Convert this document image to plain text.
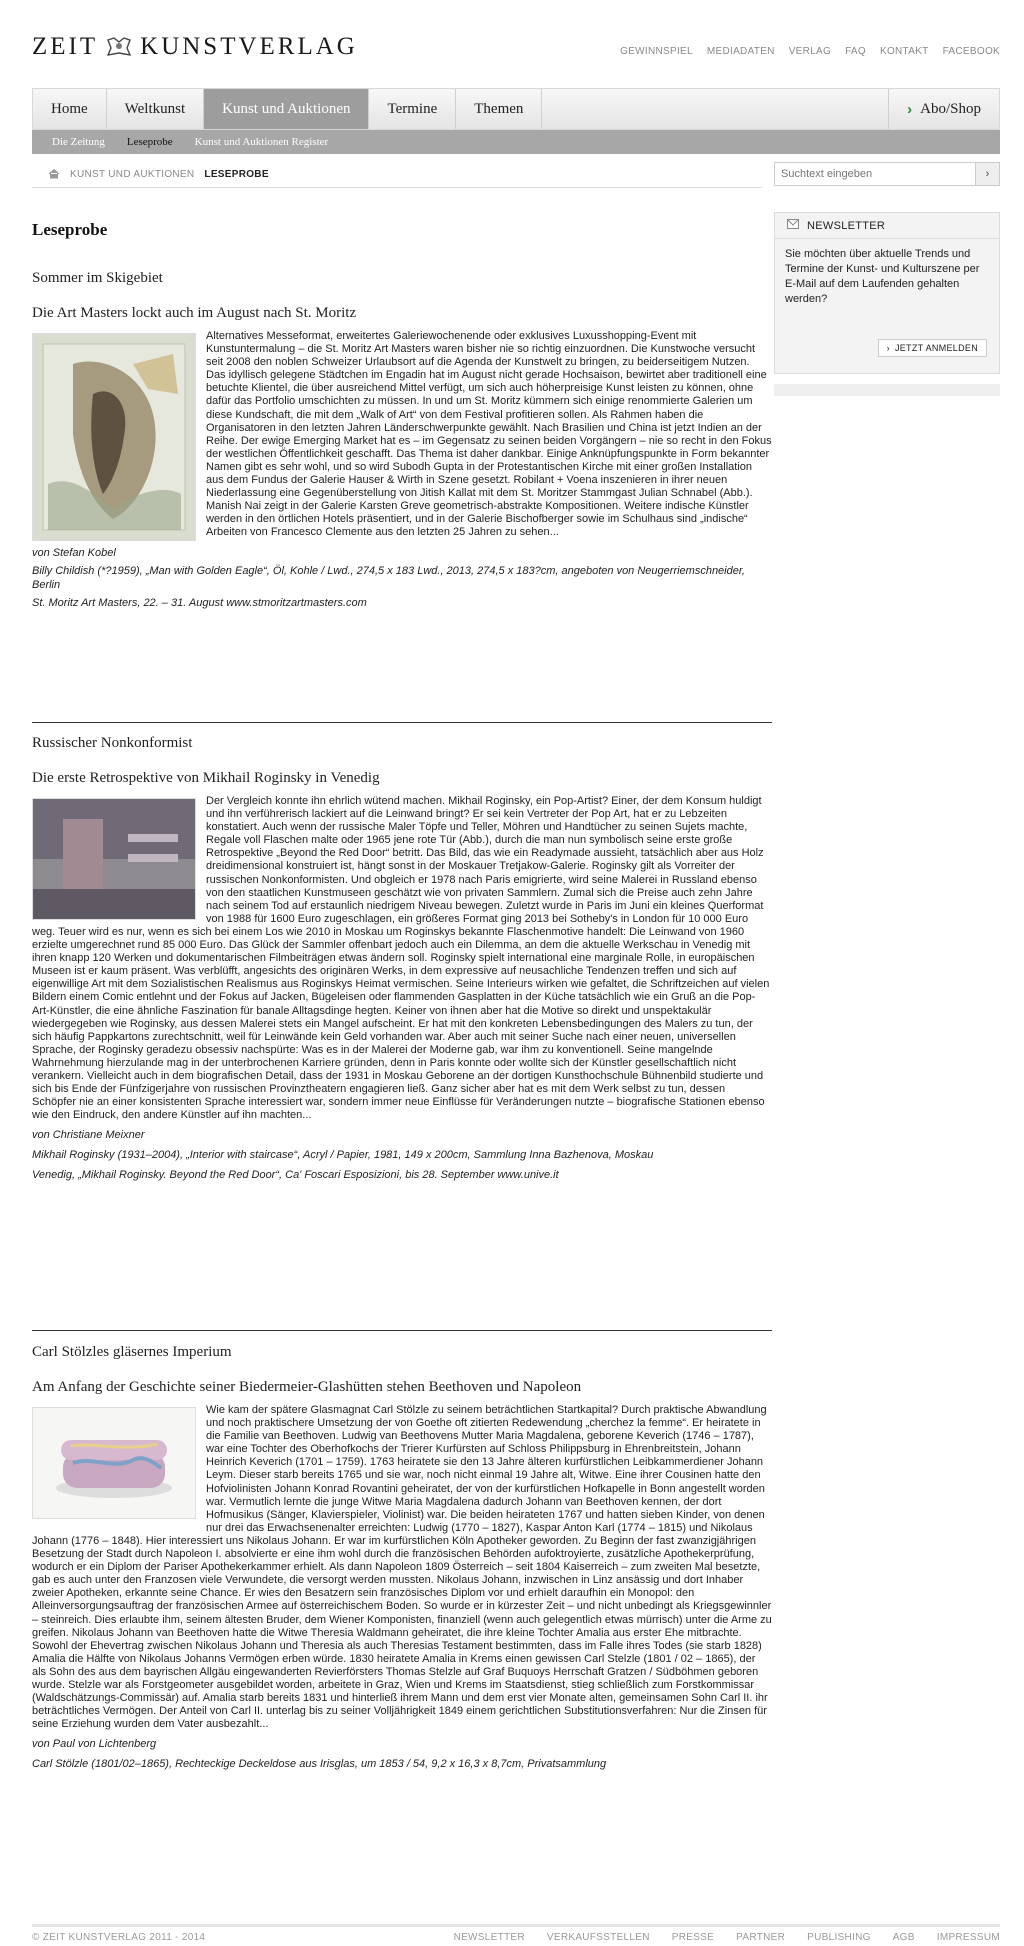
ZEIT KUNSTVERLAG	GEWINNSPIEL MEDIADATEN VERLAG FAQ KONTAKT FACEBOOK
Home	Weltkunst	Kunst und Auktionen	Termine	Themen	› Abo/Shop
Die Zeitung Leseprobe Kunst und Auktionen Register
KUNST UND AUKTIONEN LESEPROBE
Suchtext eingeben	›
Leseprobe
Sommer im Skigebiet
Die Art Masters lockt auch im August nach St. Moritz
Alternatives Messeformat, erweitertes Galeriewochenende oder exklusives Luxusshopping-Event mit Kunstuntermalung – die St. Moritz Art Masters waren bisher nie so richtig einzuordnen. Die Kunstwoche versucht seit 2008 den noblen Schweizer Urlaubsort auf die Agenda der Kunstwelt zu bringen, zu beiderseitigem Nutzen. Das idyllisch gelegene Städtchen im Engadin hat im August nicht gerade Hochsaison, bewirtet aber traditionell eine betuchte Klientel, die über ausreichend Mittel verfügt, um sich auch höherpreisige Kunst leisten zu können, ohne dafür das Portfolio umschichten zu müssen. In und um St. Moritz kümmern sich einige renommierte Galerien um diese Kundschaft, die mit dem „Walk of Art“ von dem Festival profitieren sollen. Als Rahmen haben die Organisatoren in den letzten Jahren Länderschwerpunkte gewählt. Nach Brasilien und China ist jetzt Indien an der Reihe. Der ewige Emerging Market hat es – im Gegensatz zu seinen beiden Vorgängern – nie so recht in den Fokus der westlichen Öffentlichkeit geschafft. Das Thema ist daher dankbar. Einige Anknüpfungspunkte in Form bekannter Namen gibt es sehr wohl, und so wird Subodh Gupta in der Protestantischen Kirche mit einer großen Installation aus dem Fundus der Galerie Hauser & Wirth in Szene gesetzt. Robilant + Voena inszenieren in ihrer neuen Niederlassung eine Gegenüberstellung von Jitish Kallat mit dem St. Moritzer Stammgast Julian Schnabel (Abb.). Manish Nai zeigt in der Galerie Karsten Greve geometrisch-abstrakte Kompositionen. Weitere indische Künstler werden in den örtlichen Hotels präsentiert, und in der Galerie Bischofberger sowie im Schulhaus sind „indische“ Arbeiten von Francesco Clemente aus den letzten 25 Jahren zu sehen...
von Stefan Kobel
Billy Childish (*?1959), „Man with Golden Eagle“, Öl, Kohle / Lwd., 274,5 x 183 Lwd., 2013, 274,5 x 183?cm, angeboten von Neugerriemschneider, Berlin
St. Moritz Art Masters, 22. – 31. August www.stmoritzartmasters.com
Russischer Nonkonformist
Die erste Retrospektive von Mikhail Roginsky in Venedig
Der Vergleich konnte ihn ehrlich wütend machen. Mikhail Roginsky, ein Pop-Artist? Einer, der dem Konsum huldigt und ihn verführerisch lackiert auf die Leinwand bringt? Er sei kein Vertreter der Pop Art, hat er zu Lebzeiten konstatiert. Auch wenn der russische Maler Töpfe und Teller, Möhren und Handtücher zu seinen Sujets machte, Regale voll Flaschen malte oder 1965 jene rote Tür (Abb.), durch die man nun symbolisch seine erste große Retrospektive „Beyond the Red Door“ betritt. Das Bild, das wie ein Readymade aussieht, tatsächlich aber aus Holz dreidimensional konstruiert ist, hängt sonst in der Moskauer Tretjakow-Galerie. Roginsky gilt als Vorreiter der russischen Nonkonformisten. Und obgleich er 1978 nach Paris emigrierte, wird seine Malerei in Russland ebenso von den staatlichen Kunstmuseen geschätzt wie von privaten Sammlern. Zumal sich die Preise auch zehn Jahre nach seinem Tod auf erstaunlich niedrigem Niveau bewegen. Zuletzt wurde in Paris im Juni ein kleines Querformat von 1988 für 1600 Euro zugeschlagen, ein größeres Format ging 2013 bei Sotheby's in London für 10 000 Euro weg. Teuer wird es nur, wenn es sich bei einem Los wie 2010 in Moskau um Roginskys bekannte Flaschenmotive handelt: Die Leinwand von 1960 erzielte umgerechnet rund 85 000 Euro. Das Glück der Sammler offenbart jedoch auch ein Dilemma, an dem die aktuelle Werkschau in Venedig mit ihren knapp 120 Werken und dokumentarischen Filmbeiträgen etwas ändern soll. Roginsky spielt international eine marginale Rolle, in europäischen Museen ist er kaum präsent. Was verblüfft, angesichts des originären Werks, in dem expressive auf neusachliche Tendenzen treffen und sich auf eigenwillige Art mit dem Sozialistischen Realismus aus Roginskys Heimat vermischen. Seine Interieurs wirken wie gefaltet, die Schriftzeichen auf vielen Bildern einem Comic entlehnt und der Fokus auf Jacken, Bügeleisen oder flammenden Gasplatten in der Küche tatsächlich wie ein Gruß an die Pop-Art-Künstler, die eine ähnliche Faszination für banale Alltagsdinge hegten. Keiner von ihnen aber hat die Motive so direkt und unspektakulär wiedergegeben wie Roginsky, aus dessen Malerei stets ein Mangel aufscheint. Er hat mit den konkreten Lebensbedingungen des Malers zu tun, der sich häufig Pappkartons zurechtschnitt, weil für Leinwände kein Geld vorhanden war. Aber auch mit seiner Suche nach einer neuen, universellen Sprache, der Roginsky geradezu obsessiv nachspürte: Was es in der Malerei der Moderne gab, war ihm zu konventionell. Seine mangelnde Wahrnehmung hierzulande mag in der unterbrochenen Karriere gründen, denn in Paris konnte oder wollte sich der Künstler gesellschaftlich nicht verankern. Vielleicht auch in dem biografischen Detail, dass der 1931 in Moskau Geborene an der dortigen Kunsthochschule Bühnenbild studierte und sich bis Ende der Fünfzigerjahre von russischen Provinztheatern engagieren ließ. Ganz sicher aber hat es mit dem Werk selbst zu tun, dessen Schöpfer nie an einer konsistenten Sprache interessiert war, sondern immer neue Einflüsse für Veränderungen nutzte – biografische Stationen ebenso wie den Eindruck, den andere Künstler auf ihn machten...
von Christiane Meixner
Mikhail Roginsky (1931–2004), „Interior with staircase“, Acryl / Papier, 1981, 149 x 200cm, Sammlung Inna Bazhenova, Moskau
Venedig, „Mikhail Roginsky. Beyond the Red Door“, Ca' Foscari Esposizioni, bis 28. September www.unive.it
Carl Stölzles gläsernes Imperium
Am Anfang der Geschichte seiner Biedermeier-Glashütten stehen Beethoven und Napoleon
Wie kam der spätere Glasmagnat Carl Stölzle zu seinem beträchtlichen Startkapital? Durch praktische Abwandlung und noch praktischere Umsetzung der von Goethe oft zitierten Redewendung „cherchez la femme“. Er heiratete in die Familie van Beethoven. Ludwig van Beethovens Mutter Maria Magdalena, geborene Keverich (1746 – 1787), war eine Tochter des Oberhofkochs der Trierer Kurfürsten auf Schloss Philippsburg in Ehrenbreitstein, Johann Heinrich Keverich (1701 – 1759). 1763 heiratete sie den 13 Jahre älteren kurfürstlichen Leibkammerdiener Johann Leym. Dieser starb bereits 1765 und sie war, noch nicht einmal 19 Jahre alt, Witwe. Eine ihrer Cousinen hatte den Hofviolinisten Johann Konrad Rovantini geheiratet, der von der kurfürstlichen Hofkapelle in Bonn angestellt worden war. Vermutlich lernte die junge Witwe Maria Magdalena dadurch Johann van Beethoven kennen, der dort Hofmusikus (Sänger, Klavierspieler, Violinist) war. Die beiden heirateten 1767 und hatten sieben Kinder, von denen nur drei das Erwachsenenalter erreichten: Ludwig (1770 – 1827), Kaspar Anton Karl (1774 – 1815) und Nikolaus Johann (1776 – 1848). Hier interessiert uns Nikolaus Johann. Er war im kurfürstlichen Köln Apotheker geworden. Zu Beginn der fast zwanzigjährigen Besetzung der Stadt durch Napoleon I. absolvierte er eine ihm wohl durch die französischen Behörden aufoktroyierte, zusätzliche Apothekerprüfung, wodurch er ein Diplom der Pariser Apothekerkammer erhielt. Als dann Napoleon 1809 Österreich – seit 1804 Kaiserreich – zum zweiten Mal besetzte, gab es auch unter den Franzosen viele Verwundete, die versorgt werden mussten. Nikolaus Johann, inzwischen in Linz ansässig und dort Inhaber zweier Apotheken, erkannte seine Chance. Er wies den Besatzern sein französisches Diplom vor und erhielt daraufhin ein Monopol: den Alleinversorgungsauftrag der französischen Armee auf österreichischem Boden. So wurde er in kürzester Zeit – und nicht unbedingt als Kriegsgewinnler – steinreich. Dies erlaubte ihm, seinem ältesten Bruder, dem Wiener Komponisten, finanziell (wenn auch gelegentlich etwas mürrisch) unter die Arme zu greifen. Nikolaus Johann van Beethoven hatte die Witwe Theresia Waldmann geheiratet, die ihre kleine Tochter Amalia aus erster Ehe mitbrachte. Sowohl der Ehevertrag zwischen Nikolaus Johann und Theresia als auch Theresias Testament bestimmten, dass im Falle ihres Todes (sie starb 1828) Amalia die Hälfte von Nikolaus Johanns Vermögen erben würde. 1830 heiratete Amalia in Krems einen gewissen Carl Stelzle (1801 / 02 – 1865), der als Sohn des aus dem bayrischen Allgäu eingewanderten Revierförsters Thomas Stelzle auf Graf Buquoys Herrschaft Gratzen / Südböhmen geboren wurde. Stelzle war als Forstgeometer ausgebildet worden, arbeitete in Graz, Wien und Krems im Staatsdienst, stieg schließlich zum Forstkommissar (Waldschätzungs-Commissär) auf. Amalia starb bereits 1831 und hinterließ ihrem Mann und dem erst vier Monate alten, gemeinsamen Sohn Carl II. ihr beträchtliches Vermögen. Der Anteil von Carl II. unterlag bis zu seiner Volljährigkeit 1849 einem gerichtlichen Substitutionsverfahren: Nur die Zinsen für seine Erziehung wurden dem Vater ausbezahlt...
von Paul von Lichtenberg
Carl Stölzle (1801/02–1865), Rechteckige Deckeldose aus Irisglas, um 1853 / 54, 9,2 x 16,3 x 8,7cm, Privatsammlung
NEWSLETTER
Sie möchten über aktuelle Trends und Termine der Kunst- und Kulturszene per E-Mail auf dem Laufenden gehalten werden?
› JETZT ANMELDEN
© ZEIT KUNSTVERLAG 2011 - 2014	NEWSLETTER VERKAUFSSTELLEN PRESSE PARTNER PUBLISHING AGB IMPRESSUM
